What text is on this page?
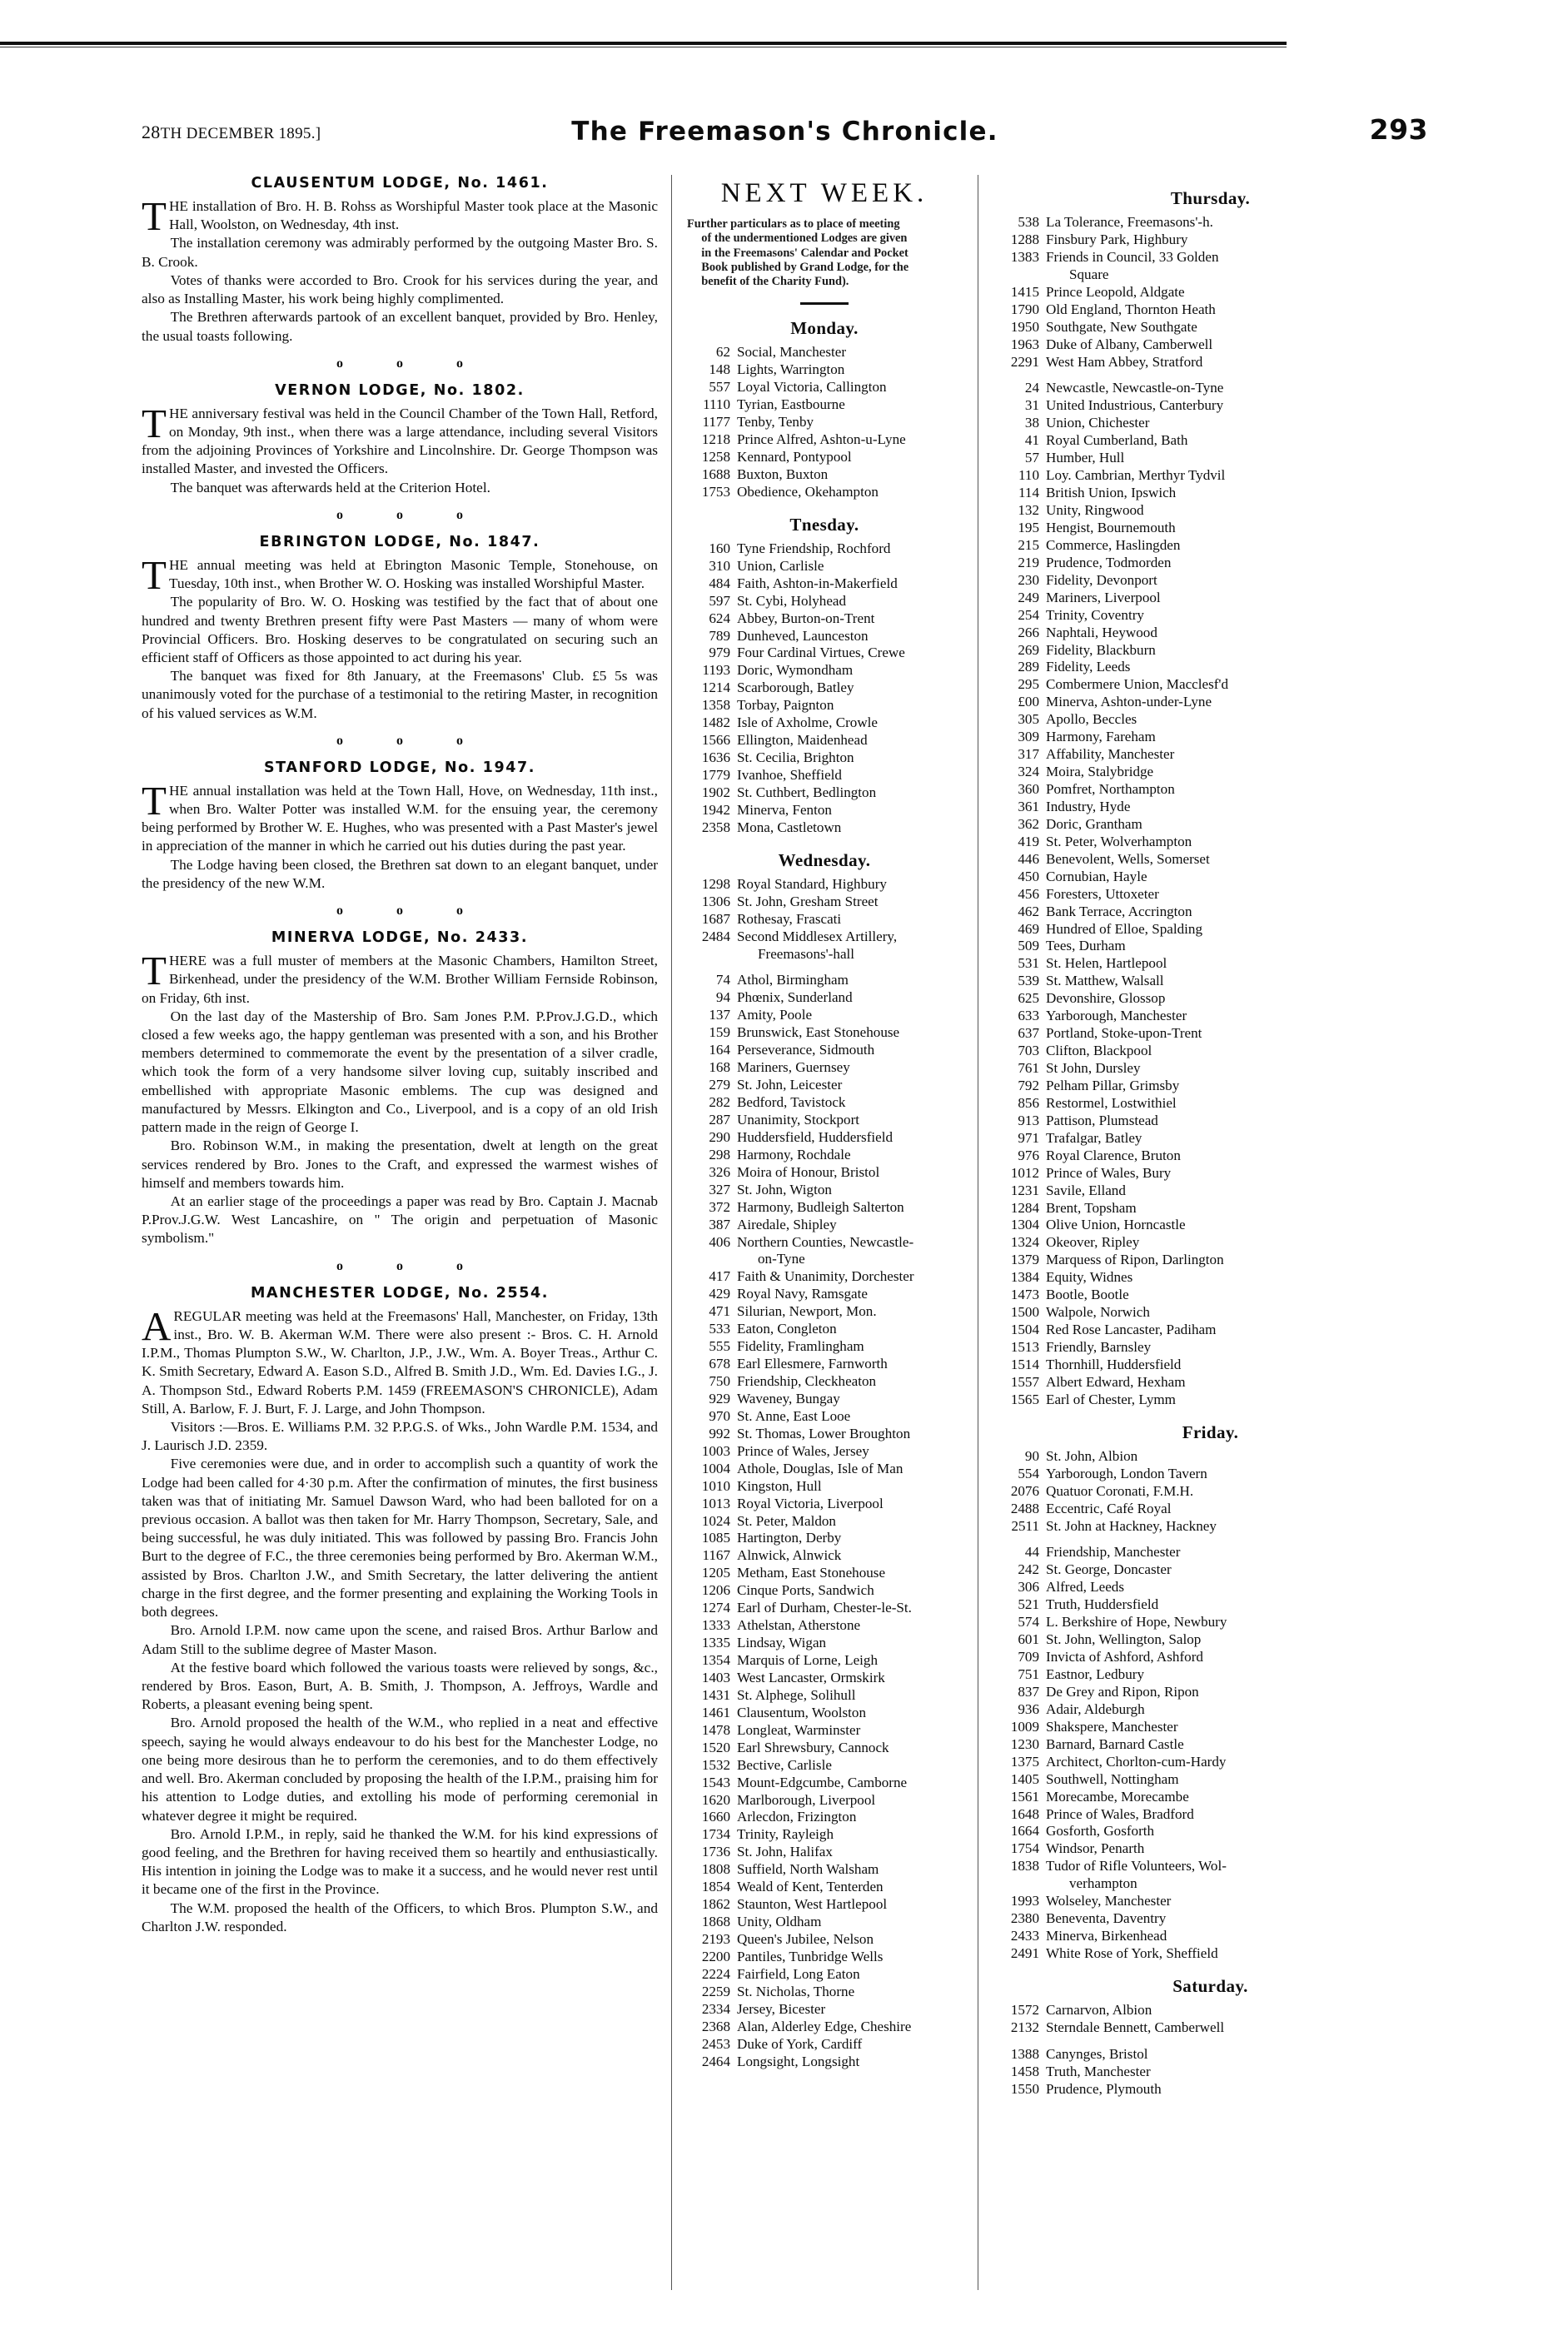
28TH DECEMBER 1895.]	The Freemason's Chronicle.	293
CLAUSENTUM LODGE, No. 1461.

THE installation of Bro. H. B. Rohss as Worshipful Master took place at the Masonic Hall, Woolston, on Wednesday, 4th inst.

The installation ceremony was admirably performed by the outgoing Master Bro. S. B. Crook.

Votes of thanks were accorded to Bro. Crook for his services during the year, and also as Installing Master, his work being highly complimented.

The Brethren afterwards partook of an excellent banquet, provided by Bro. Henley, the usual toasts following.

o o o
VERNON LODGE, No. 1802.

THE anniversary festival was held in the Council Chamber of the Town Hall, Retford, on Monday, 9th inst., when there was a large attendance, including several Visitors from the adjoining Provinces of Yorkshire and Lincolnshire. Dr. George Thompson was installed Master, and invested the Officers.

The banquet was afterwards held at the Criterion Hotel.

o o o
EBRINGTON LODGE, No. 1847.

THE annual meeting was held at Ebrington Masonic Temple, Stonehouse, on Tuesday, 10th inst., when Brother W. O. Hosking was installed Worshipful Master.

The popularity of Bro. W. O. Hosking was testified by the fact that of about one hundred and twenty Brethren present fifty were Past Masters — many of whom were Provincial Officers. Bro. Hosking deserves to be congratulated on securing such an efficient staff of Officers as those appointed to act during his year.

The banquet was fixed for 8th January, at the Freemasons' Club. £5 5s was unanimously voted for the purchase of a testimonial to the retiring Master, in recognition of his valued services as W.M.

o o o
STANFORD LODGE, No. 1947.

THE annual installation was held at the Town Hall, Hove, on Wednesday, 11th inst., when Bro. Walter Potter was installed W.M. for the ensuing year, the ceremony being performed by Brother W. E. Hughes, who was presented with a Past Master's jewel in appreciation of the manner in which he carried out his duties during the past year.

The Lodge having been closed, the Brethren sat down to an elegant banquet, under the presidency of the new W.M.

o o o
MINERVA LODGE, No. 2433.

THERE was a full muster of members at the Masonic Chambers, Hamilton Street, Birkenhead, under the presidency of the W.M. Brother William Fernside Robinson, on Friday, 6th inst.

On the last day of the Mastership of Bro. Sam Jones P.M. P.Prov.J.G.D., which closed a few weeks ago, the happy gentleman was presented with a son, and his Brother members determined to commemorate the event by the presentation of a silver cradle, which took the form of a very handsome silver loving cup, suitably inscribed and embellished with appropriate Masonic emblems. The cup was designed and manufactured by Messrs. Elkington and Co., Liverpool, and is a copy of an old Irish pattern made in the reign of George I.

Bro. Robinson W.M., in making the presentation, dwelt at length on the great services rendered by Bro. Jones to the Craft, and expressed the warmest wishes of himself and members towards him.

At an earlier stage of the proceedings a paper was read by Bro. Captain J. Macnab P.Prov.J.G.W. West Lancashire, on " The origin and perpetuation of Masonic symbolism."

o o o
MANCHESTER LODGE, No. 2554.

AREGULAR meeting was held at the Freemasons' Hall, Manchester, on Friday, 13th inst., Bro. W. B. Akerman W.M. There were also present :- Bros. C. H. Arnold I.P.M., Thomas Plumpton S.W., W. Charlton, J.P., J.W., Wm. A. Boyer Treas., Arthur C. K. Smith Secretary, Edward A. Eason S.D., Alfred B. Smith J.D., Wm. Ed. Davies I.G., J. A. Thompson Std., Edward Roberts P.M. 1459 (FREEMASON'S CHRONICLE), Adam Still, A. Barlow, F. J. Burt, F. J. Large, and John Thompson.

Visitors :—Bros. E. Williams P.M. 32 P.P.G.S. of Wks., John Wardle P.M. 1534, and J. Laurisch J.D. 2359.

Five ceremonies were due, and in order to accomplish such a quantity of work the Lodge had been called for 4·30 p.m. After the confirmation of minutes, the first business taken was that of initiating Mr. Samuel Dawson Ward, who had been balloted for on a previous occasion. A ballot was then taken for Mr. Harry Thompson, Secretary, Sale, and being successful, he was duly initiated. This was followed by passing Bro. Francis John Burt to the degree of F.C., the three ceremonies being performed by Bro. Akerman W.M., assisted by Bros. Charlton J.W., and Smith Secretary, the latter delivering the antient charge in the first degree, and the former presenting and explaining the Working Tools in both degrees.

Bro. Arnold I.P.M. now came upon the scene, and raised Bros. Arthur Barlow and Adam Still to the sublime degree of Master Mason.

At the festive board which followed the various toasts were relieved by songs, &c., rendered by Bros. Eason, Burt, A. B. Smith, J. Thompson, A. Jeffroys, Wardle and Roberts, a pleasant evening being spent.

Bro. Arnold proposed the health of the W.M., who replied in a neat and effective speech, saying he would always endeavour to do his best for the Manchester Lodge, no one being more desirous than he to perform the ceremonies, and to do them effectively and well. Bro. Akerman concluded by proposing the health of the I.P.M., praising him for his attention to Lodge duties, and extolling his mode of performing ceremonial in whatever degree it might be required.

Bro. Arnold I.P.M., in reply, said he thanked the W.M. for his kind expressions of good feeling, and the Brethren for having received them so heartily and enthusiastically. His intention in joining the Lodge was to make it a success, and he would never rest until it became one of the first in the Province.

The W.M. proposed the health of the Officers, to which Bros. Plumpton S.W., and Charlton J.W. responded.

NEXT WEEK.
Further particulars as to place of meeting
of the undermentioned Lodges are given
in the Freemasons' Calendar and Pocket
Book published by Grand Lodge, for the
benefit of the Charity Fund).
Monday.
62 Social, Manchester
148 Lights, Warrington
557 Loyal Victoria, Callington
1110 Tyrian, Eastbourne
1177 Tenby, Tenby
1218 Prince Alfred, Ashton-u-Lyne
1258 Kennard, Pontypool
1688 Buxton, Buxton
1753 Obedience, Okehampton
Tnesday.
160 Tyne Friendship, Rochford
310 Union, Carlisle
484 Faith, Ashton-in-Makerfield
597 St. Cybi, Holyhead
624 Abbey, Burton-on-Trent
789 Dunheved, Launceston
979 Four Cardinal Virtues, Crewe
1193 Doric, Wymondham
1214 Scarborough, Batley
1358 Torbay, Paignton
1482 Isle of Axholme, Crowle
1566 Ellington, Maidenhead
1636 St. Cecilia, Brighton
1779 Ivanhoe, Sheffield
1902 St. Cuthbert, Bedlington
1942 Minerva, Fenton
2358 Mona, Castletown
Wednesday.
1298 Royal Standard, Highbury
1306 St. John, Gresham Street
1687 Rothesay, Frascati
2484 Second Middlesex Artillery,
Freemasons'-hall
74 Athol, Birmingham
94 Phœnix, Sunderland
137 Amity, Poole
159 Brunswick, East Stonehouse
164 Perseverance, Sidmouth
168 Mariners, Guernsey
279 St. John, Leicester
282 Bedford, Tavistock
287 Unanimity, Stockport
290 Huddersfield, Huddersfield
298 Harmony, Rochdale
326 Moira of Honour, Bristol
327 St. John, Wigton
372 Harmony, Budleigh Salterton
387 Airedale, Shipley
406 Northern Counties, Newcastle-
on-Tyne
417 Faith & Unanimity, Dorchester
429 Royal Navy, Ramsgate
471 Silurian, Newport, Mon.
533 Eaton, Congleton
555 Fidelity, Framlingham
678 Earl Ellesmere, Farnworth
750 Friendship, Cleckheaton
929 Waveney, Bungay
970 St. Anne, East Looe
992 St. Thomas, Lower Broughton
1003 Prince of Wales, Jersey
1004 Athole, Douglas, Isle of Man
1010 Kingston, Hull
1013 Royal Victoria, Liverpool
1024 St. Peter, Maldon
1085 Hartington, Derby
1167 Alnwick, Alnwick
1205 Metham, East Stonehouse
1206 Cinque Ports, Sandwich
1274 Earl of Durham, Chester-le-St.
1333 Athelstan, Atherstone
1335 Lindsay, Wigan
1354 Marquis of Lorne, Leigh
1403 West Lancaster, Ormskirk
1431 St. Alphege, Solihull
1461 Clausentum, Woolston
1478 Longleat, Warminster
1520 Earl Shrewsbury, Cannock
1532 Bective, Carlisle
1543 Mount-Edgcumbe, Camborne
1620 Marlborough, Liverpool
1660 Arlecdon, Frizington
1734 Trinity, Rayleigh
1736 St. John, Halifax
1808 Suffield, North Walsham
1854 Weald of Kent, Tenterden
1862 Staunton, West Hartlepool
1868 Unity, Oldham
2193 Queen's Jubilee, Nelson
2200 Pantiles, Tunbridge Wells
2224 Fairfield, Long Eaton
2259 St. Nicholas, Thorne
2334 Jersey, Bicester
2368 Alan, Alderley Edge, Cheshire
2453 Duke of York, Cardiff
2464 Longsight, Longsight
Thursday.
538 La Tolerance, Freemasons'-h.
1288 Finsbury Park, Highbury
1383 Friends in Council, 33 Golden
Square
1415 Prince Leopold, Aldgate
1790 Old England, Thornton Heath
1950 Southgate, New Southgate
1963 Duke of Albany, Camberwell
2291 West Ham Abbey, Stratford
24 Newcastle, Newcastle-on-Tyne
31 United Industrious, Canterbury
38 Union, Chichester
41 Royal Cumberland, Bath
57 Humber, Hull
110 Loy. Cambrian, Merthyr Tydvil
114 British Union, Ipswich
132 Unity, Ringwood
195 Hengist, Bournemouth
215 Commerce, Haslingden
219 Prudence, Todmorden
230 Fidelity, Devonport
249 Mariners, Liverpool
254 Trinity, Coventry
266 Naphtali, Heywood
269 Fidelity, Blackburn
289 Fidelity, Leeds
295 Combermere Union, Macclesf'd
£00 Minerva, Ashton-under-Lyne
305 Apollo, Beccles
309 Harmony, Fareham
317 Affability, Manchester
324 Moira, Stalybridge
360 Pomfret, Northampton
361 Industry, Hyde
362 Doric, Grantham
419 St. Peter, Wolverhampton
446 Benevolent, Wells, Somerset
450 Cornubian, Hayle
456 Foresters, Uttoxeter
462 Bank Terrace, Accrington
469 Hundred of Elloe, Spalding
509 Tees, Durham
531 St. Helen, Hartlepool
539 St. Matthew, Walsall
625 Devonshire, Glossop
633 Yarborough, Manchester
637 Portland, Stoke-upon-Trent
703 Clifton, Blackpool
761 St John, Dursley
792 Pelham Pillar, Grimsby
856 Restormel, Lostwithiel
913 Pattison, Plumstead
971 Trafalgar, Batley
976 Royal Clarence, Bruton
1012 Prince of Wales, Bury
1231 Savile, Elland
1284 Brent, Topsham
1304 Olive Union, Horncastle
1324 Okeover, Ripley
1379 Marquess of Ripon, Darlington
1384 Equity, Widnes
1473 Bootle, Bootle
1500 Walpole, Norwich
1504 Red Rose Lancaster, Padiham
1513 Friendly, Barnsley
1514 Thornhill, Huddersfield
1557 Albert Edward, Hexham
1565 Earl of Chester, Lymm
Friday.
90 St. John, Albion
554 Yarborough, London Tavern
2076 Quatuor Coronati, F.M.H.
2488 Eccentric, Café Royal
2511 St. John at Hackney, Hackney
44 Friendship, Manchester
242 St. George, Doncaster
306 Alfred, Leeds
521 Truth, Huddersfield
574 L. Berkshire of Hope, Newbury
601 St. John, Wellington, Salop
709 Invicta of Ashford, Ashford
751 Eastnor, Ledbury
837 De Grey and Ripon, Ripon
936 Adair, Aldeburgh
1009 Shakspere, Manchester
1230 Barnard, Barnard Castle
1375 Architect, Chorlton-cum-Hardy
1405 Southwell, Nottingham
1561 Morecambe, Morecambe
1648 Prince of Wales, Bradford
1664 Gosforth, Gosforth
1754 Windsor, Penarth
1838 Tudor of Rifle Volunteers, Wol-
verhampton
1993 Wolseley, Manchester
2380 Beneventa, Daventry
2433 Minerva, Birkenhead
2491 White Rose of York, Sheffield
Saturday.
1572 Carnarvon, Albion
2132 Sterndale Bennett, Camberwell
1388 Canynges, Bristol
1458 Truth, Manchester
1550 Prudence, Plymouth
